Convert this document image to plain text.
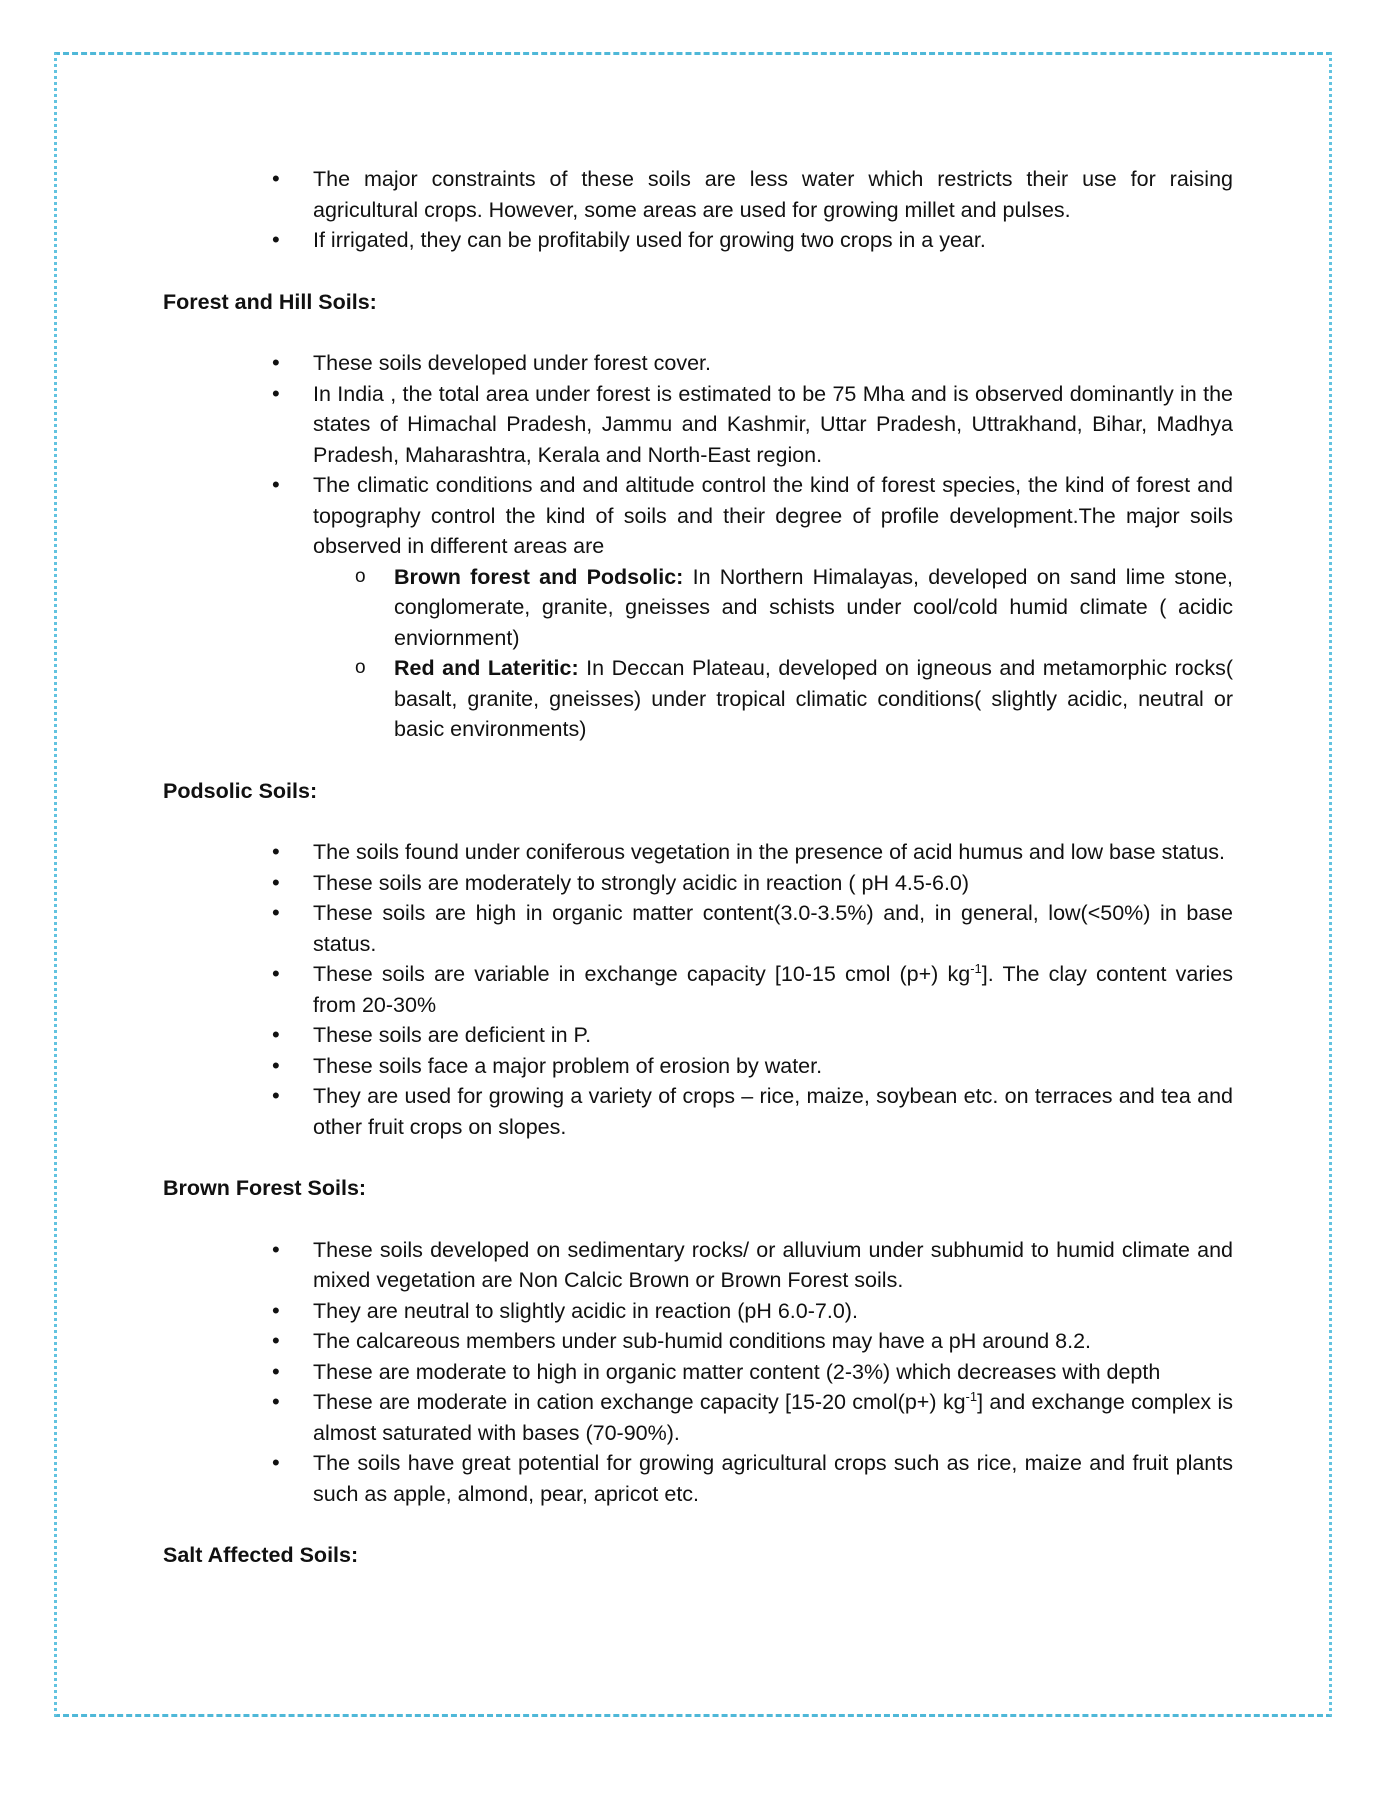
• The major constraints of these soils are less water which restricts their use for raising agricultural crops. However, some areas are used for growing millet and pulses.
• If irrigated, they can be profitabily used for growing two crops in a year.
Forest and Hill Soils:
• These soils developed under forest cover.
• In India , the total area under forest is estimated to be 75 Mha and is observed dominantly in the states of Himachal Pradesh, Jammu and Kashmir, Uttar Pradesh, Uttrakhand, Bihar, Madhya Pradesh, Maharashtra, Kerala and North-East region.
• The climatic conditions and and altitude control the kind of forest species, the kind of forest and topography control the kind of soils and their degree of profile development.The major soils observed in different areas are
o Brown forest and Podsolic: In Northern Himalayas, developed on sand lime stone, conglomerate, granite, gneisses and schists under cool/cold humid climate ( acidic enviornment)
o Red and Lateritic: In Deccan Plateau, developed on igneous and metamorphic rocks( basalt, granite, gneisses) under tropical climatic conditions( slightly acidic, neutral or basic environments)
Podsolic Soils:
• The soils found under coniferous vegetation in the presence of acid humus and low base status.
• These soils are moderately to strongly acidic in reaction ( pH 4.5-6.0)
• These soils are high in organic matter content(3.0-3.5%) and, in general, low(<50%) in base status.
• These soils are variable in exchange capacity [10-15 cmol (p+) $kg^{-1}$]. The clay content varies from 20-30%
• These soils are deficient in P.
• These soils face a major problem of erosion by water.
• They are used for growing a variety of crops – rice, maize, soybean etc. on terraces and tea and other fruit crops on slopes.
Brown Forest Soils:
• These soils developed on sedimentary rocks/ or alluvium under subhumid to humid climate and mixed vegetation are Non Calcic Brown or Brown Forest soils.
• They are neutral to slightly acidic in reaction (pH 6.0-7.0).
• The calcareous members under sub-humid conditions may have a pH around 8.2.
• These are moderate to high in organic matter content (2-3%) which decreases with depth
• These are moderate in cation exchange capacity [15-20 cmol(p+) $kg^{-1}$] and exchange complex is almost saturated with bases (70-90%).
• The soils have great potential for growing agricultural crops such as rice, maize and fruit plants such as apple, almond, pear, apricot etc.
Salt Affected Soils:
